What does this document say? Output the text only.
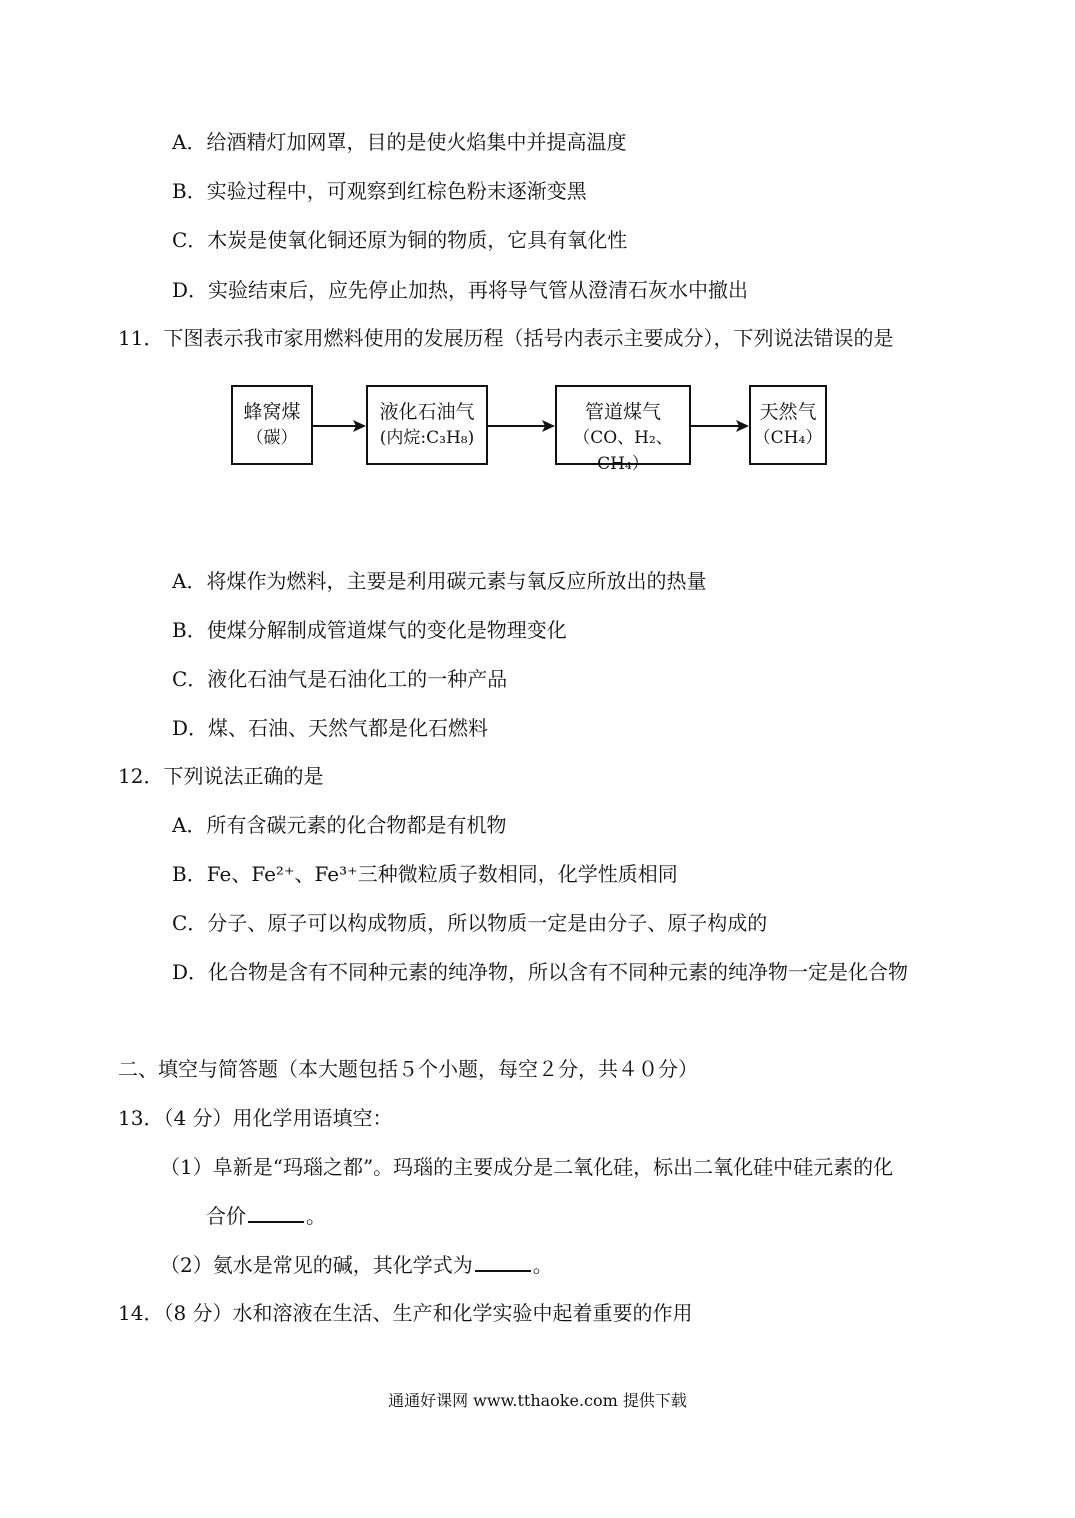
A．给酒精灯加网罩，目的是使火焰集中并提高温度
B．实验过程中，可观察到红棕色粉末逐渐变黑
C．木炭是使氧化铜还原为铜的物质，它具有氧化性
D．实验结束后，应先停止加热，再将导气管从澄清石灰水中撤出
11．下图表示我市家用燃料使用的发展历程（括号内表示主要成分），下列说法错误的是
蜂窝煤
（碳）
液化石油气
(内烷:C₃H₈)
管道煤气
（CO、H₂、CH₄）
天然气
（CH₄）
A．将煤作为燃料，主要是利用碳元素与氧反应所放出的热量
B．使煤分解制成管道煤气的变化是物理变化
C．液化石油气是石油化工的一种产品
D．煤、石油、天然气都是化石燃料
12．下列说法正确的是
A．所有含碳元素的化合物都是有机物
B．Fe、Fe²⁺、Fe³⁺三种微粒质子数相同，化学性质相同
C．分子、原子可以构成物质，所以物质一定是由分子、原子构成的
D．化合物是含有不同种元素的纯净物，所以含有不同种元素的纯净物一定是化合物
二、填空与简答题（本大题包括５个小题，每空２分，共４０分）
13．（4 分）用化学用语填空：
（1）阜新是“玛瑙之都”。玛瑙的主要成分是二氧化硅，标出二氧化硅中硅元素的化
合价	。
（2）氨水是常见的碱，其化学式为	。
14．（8 分）水和溶液在生活、生产和化学实验中起着重要的作用
通通好课网 www.tthaoke.com 提供下载
